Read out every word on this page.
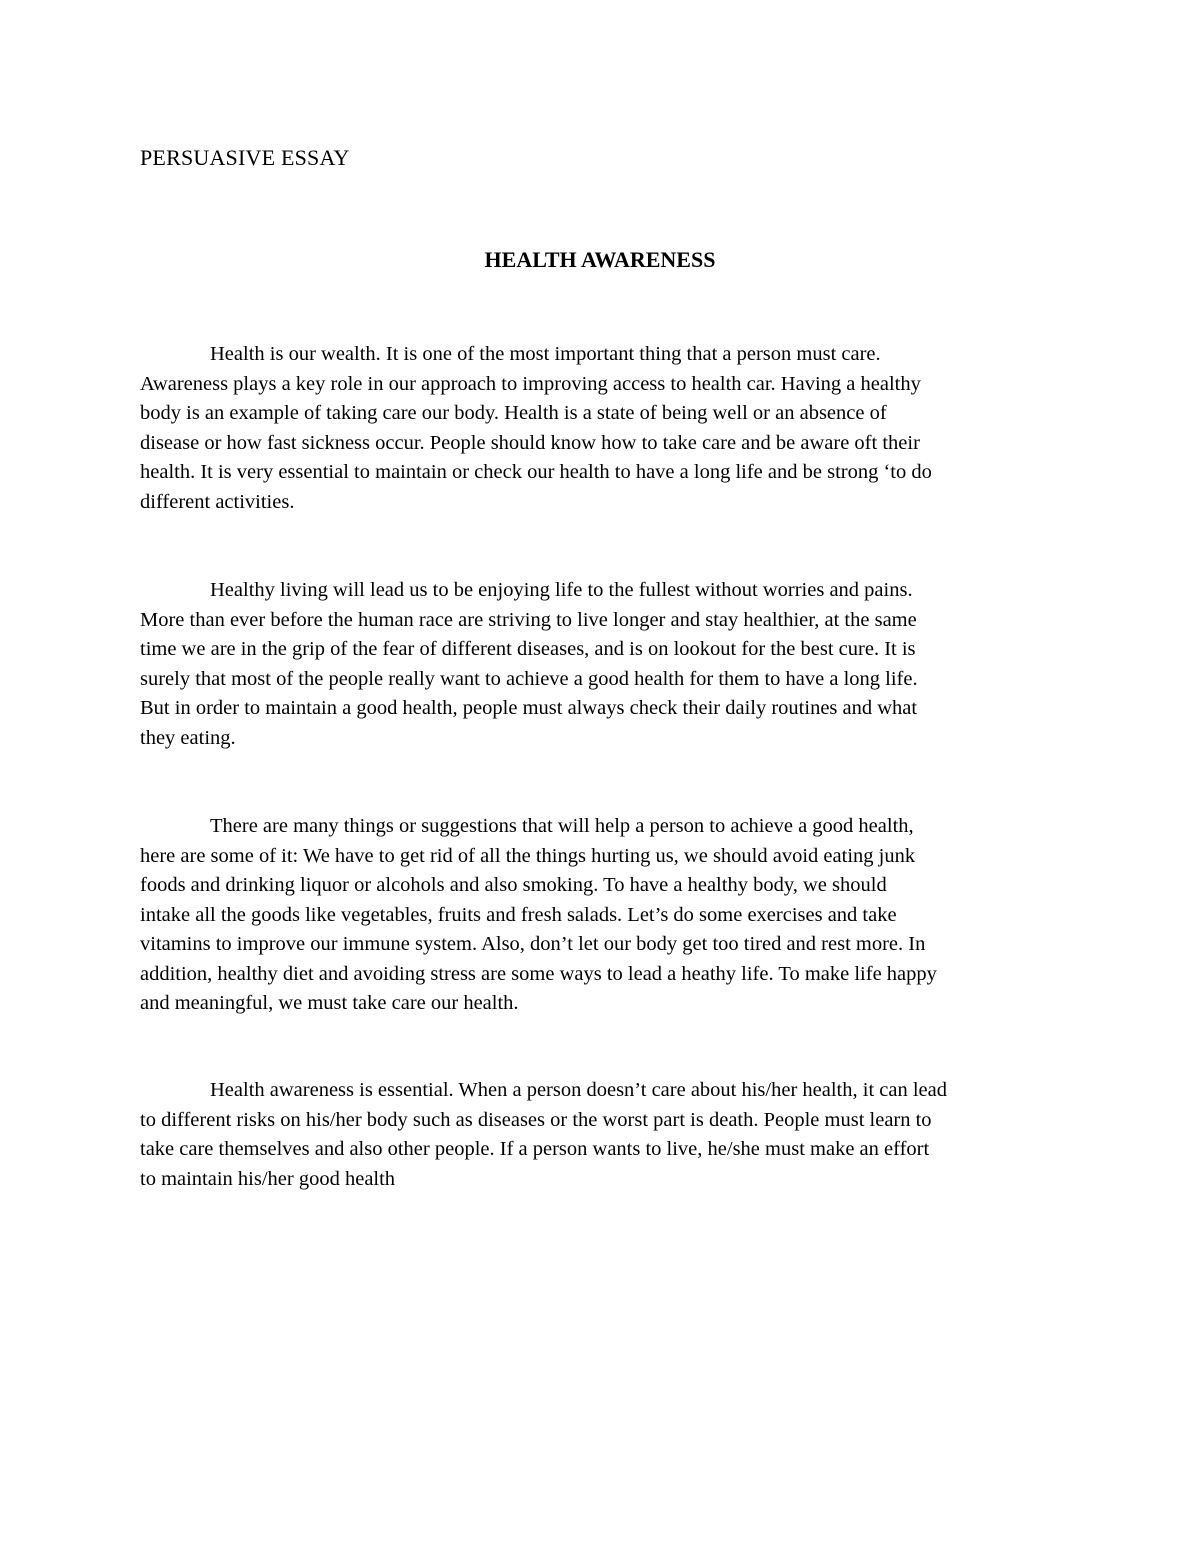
PERSUASIVE ESSAY
HEALTH AWARENESS
Health is our wealth. It is one of the most important thing that a person must care.
Awareness plays a key role in our approach to improving access to health car. Having a healthy
body is an example of taking care our body. Health is a state of being well or an absence of
disease or how fast sickness occur. People should know how to take care and be aware oft their
health. It is very essential to maintain or check our health to have a long life and be strong ‘to do
different activities.
Healthy living will lead us to be enjoying life to the fullest without worries and pains.
More than ever before the human race are striving to live longer and stay healthier, at the same
time we are in the grip of the fear of different diseases, and is on lookout for the best cure. It is
surely that most of the people really want to achieve a good health for them to have a long life.
But in order to maintain a good health, people must always check their daily routines and what
they eating.
There are many things or suggestions that will help a person to achieve a good health,
here are some of it: We have to get rid of all the things hurting us, we should avoid eating junk
foods and drinking liquor or alcohols and also smoking. To have a healthy body, we should
intake all the goods like vegetables, fruits and fresh salads. Let’s do some exercises and take
vitamins to improve our immune system. Also, don’t let our body get too tired and rest more. In
addition, healthy diet and avoiding stress are some ways to lead a heathy life. To make life happy
and meaningful, we must take care our health.
Health awareness is essential. When a person doesn’t care about his/her health, it can lead
to different risks on his/her body such as diseases or the worst part is death. People must learn to
take care themselves and also other people. If a person wants to live, he/she must make an effort
to maintain his/her good health
